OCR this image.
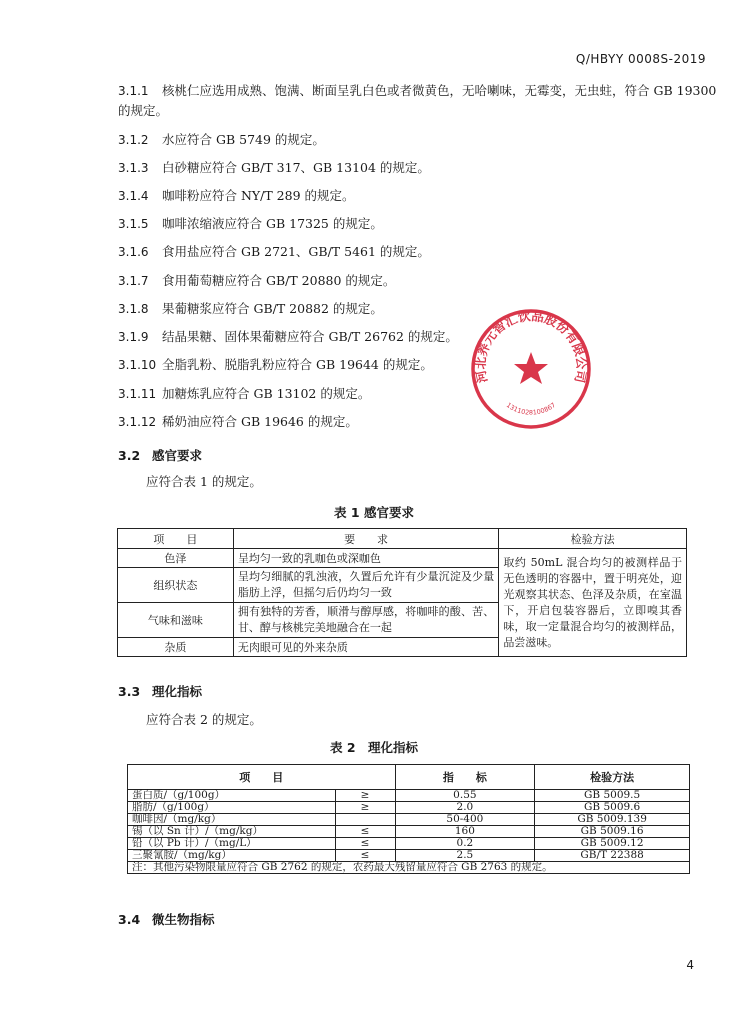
Q/HBYY 0008S-2019
3.1.1 核桃仁应选用成熟、饱满、断面呈乳白色或者微黄色，无哈喇味，无霉变，无虫蛀，符合 GB 19300
的规定。
3.1.2 水应符合 GB 5749 的规定。
3.1.3 白砂糖应符合 GB/T 317、GB 13104 的规定。
3.1.4 咖啡粉应符合 NY/T 289 的规定。
3.1.5 咖啡浓缩液应符合 GB 17325 的规定。
3.1.6 食用盐应符合 GB 2721、GB/T 5461 的规定。
3.1.7 食用葡萄糖应符合 GB/T 20880 的规定。
3.1.8 果葡糖浆应符合 GB/T 20882 的规定。
3.1.9 结晶果糖、固体果葡糖应符合 GB/T 26762 的规定。
3.1.10 全脂乳粉、脱脂乳粉应符合 GB 19644 的规定。
3.1.11 加糖炼乳应符合 GB 13102 的规定。
3.1.12 稀奶油应符合 GB 19646 的规定。
3.2 感官要求
应符合表 1 的规定。
表 1 感官要求
项　　目	要　　求	检验方法
色泽	呈均匀一致的乳咖色或深咖色	取约 50mL 混合均匀的被测样品于无色透明的容器中，置于明亮处，迎光观察其状态、色泽及杂质，在室温下，开启包装容器后，立即嗅其香味，取一定量混合均匀的被测样品，品尝滋味。
组织状态	呈均匀细腻的乳浊液，久置后允许有少量沉淀及少量脂肪上浮，但摇匀后仍均匀一致	
气味和滋味	拥有独特的芳香，顺滑与醇厚感，将咖啡的酸、苦、甘、醇与核桃完美地融合在一起	
杂质	无肉眼可见的外来杂质	
3.3 理化指标
应符合表 2 的规定。
表 2　理化指标
项　　目		指　　标	检验方法
蛋白质/（g/100g）	≥	0.55	GB 5009.5
脂肪/（g/100g）	≥	2.0	GB 5009.6
咖啡因/（mg/kg）		50-400	GB 5009.139
锡（以 Sn 计）/（mg/kg）	≤	160	GB 5009.16
铅（以 Pb 计）/（mg/L）	≤	0.2	GB 5009.12
三聚氰胺/（mg/kg）	≤	2.5	GB/T 22388
注：其他污染物限量应符合 GB 2762 的规定，农药最大残留量应符合 GB 2763 的规定。			
3.4 微生物指标
河北养元智汇饮品股份有限公司
1311028100867
4
